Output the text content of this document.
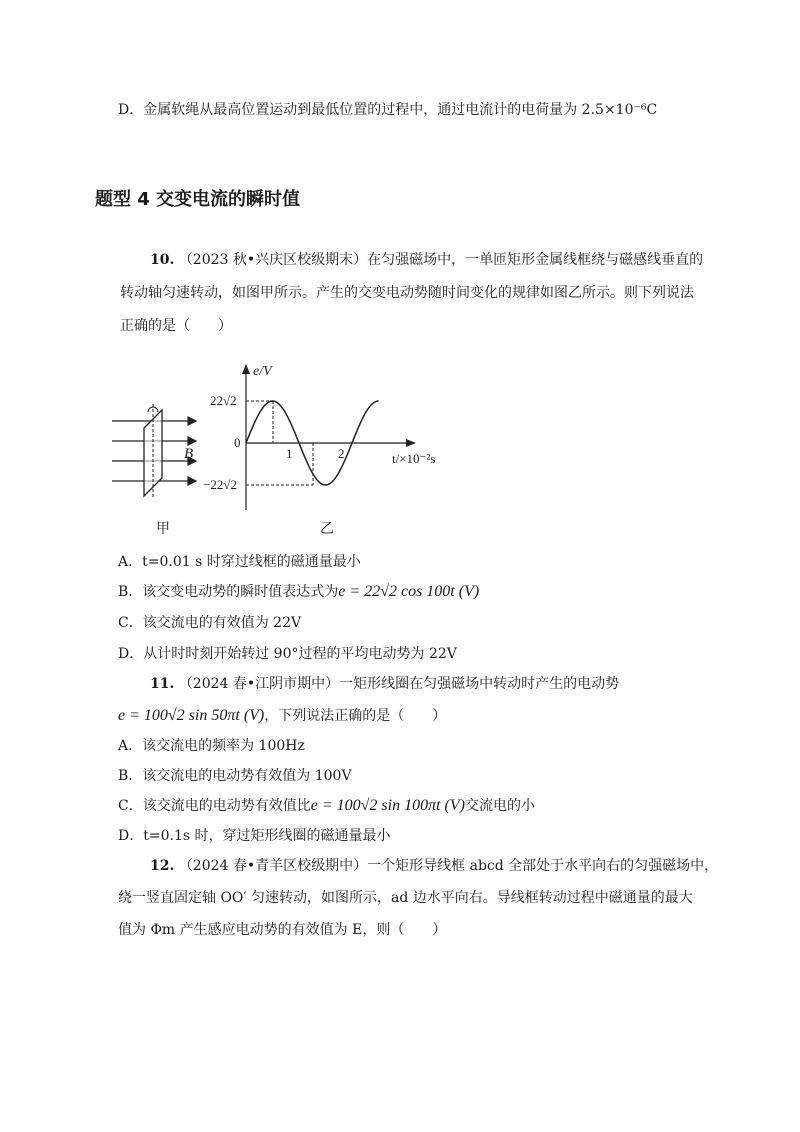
D．金属软绳从最高位置运动到最低位置的过程中，通过电流计的电荷量为 2.5×10⁻⁶C
题型 4 交变电流的瞬时值
10. （2023 秋•兴庆区校级期末）在匀强磁场中，一单匝矩形金属线框绕与磁感线垂直的
转动轴匀速转动，如图甲所示。产生的交变电动势随时间变化的规律如图乙所示。则下列说法
正确的是（　　）
B
e/V
22√2
−22√2
0
1	2	t/×10⁻²s
甲	乙
A．t=0.01 s 时穿过线框的磁通量最小
B．该交变电动势的瞬时值表达式为e = 22√2 cos 100t (V)
C．该交流电的有效值为 22V
D．从计时时刻开始转过 90°过程的平均电动势为 22V
11. （2024 春•江阴市期中）一矩形线圈在匀强磁场中转动时产生的电动势
e = 100√2 sin 50πt (V)，下列说法正确的是（　　）
A．该交流电的频率为 100Hz
B．该交流电的电动势有效值为 100V
C．该交流电的电动势有效值比e = 100√2 sin 100πt (V)交流电的小
D．t=0.1s 时，穿过矩形线圈的磁通量最小
12. （2024 春•青羊区校级期中）一个矩形导线框 abcd 全部处于水平向右的匀强磁场中，
绕一竖直固定轴 OO′ 匀速转动，如图所示，ad 边水平向右。导线框转动过程中磁通量的最大
值为 Φm 产生感应电动势的有效值为 E，则（　　）
